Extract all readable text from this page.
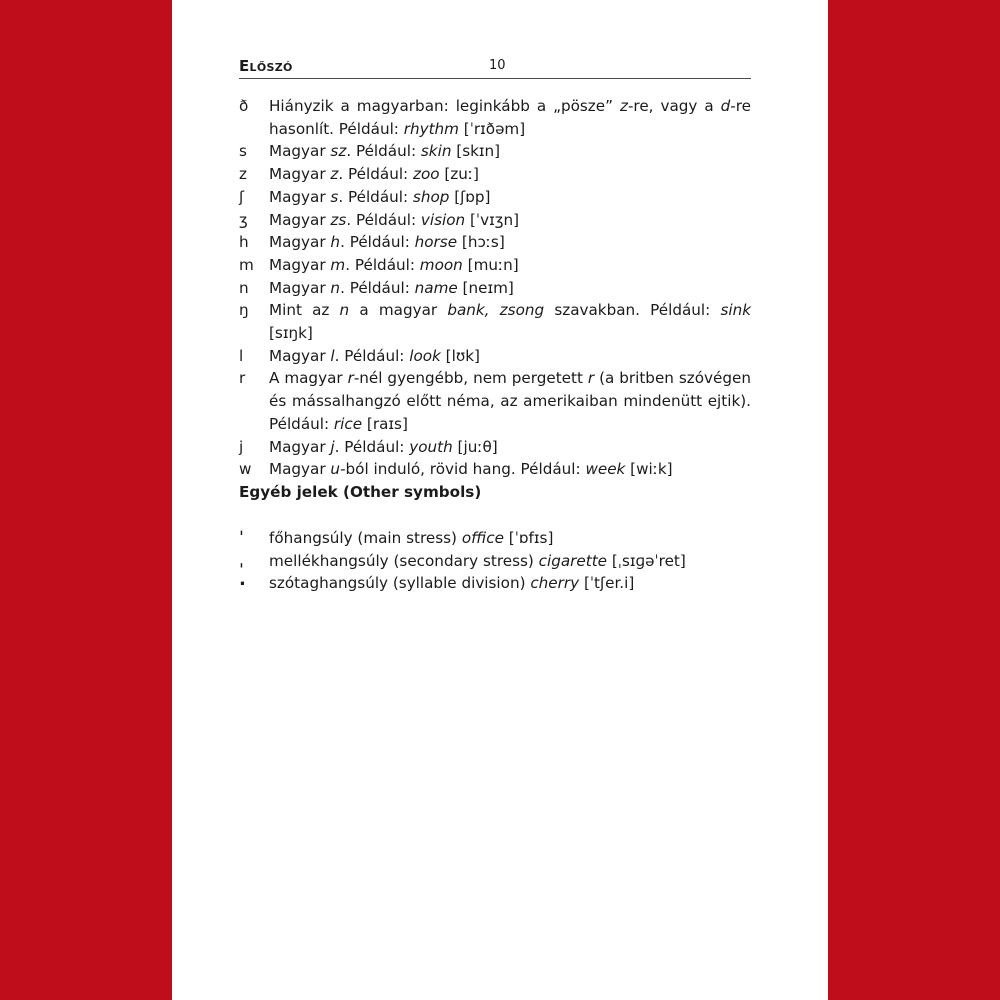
Előszó	10
ð	Hiányzik a magyarban: leginkább a „pösze” z-re, vagy a d-re hasonlít. Például: rhythm [ˈrɪðəm]
s	Magyar sz. Például: skin [skɪn]
z	Magyar z. Például: zoo [zuː]
ʃ	Magyar s. Például: shop [ʃɒp]
ʒ	Magyar zs. Például: vision [ˈvɪʒn]
h	Magyar h. Például: horse [hɔːs]
m	Magyar m. Például: moon [muːn]
n	Magyar n. Például: name [neɪm]
ŋ	Mint az n a magyar bank, zsong szavakban. Például: sink [sɪŋk]
l	Magyar l. Például: look [lʊk]
r	A magyar r-nél gyengébb, nem pergetett r (a britben szóvégen és mássalhangzó előtt néma, az amerikaiban mindenütt ejtik). Például: rice [raɪs]
j	Magyar j. Például: youth [juːθ]
w	Magyar u-ból induló, rövid hang. Például: week [wiːk]
Egyéb jelek (Other symbols)
ˈ	főhangsúly (main stress) office [ˈɒfɪs]
ˌ	mellékhangsúly (secondary stress) cigarette [ˌsɪɡəˈret]
.	szótaghangsúly (syllable division) cherry [ˈtʃer.i]
